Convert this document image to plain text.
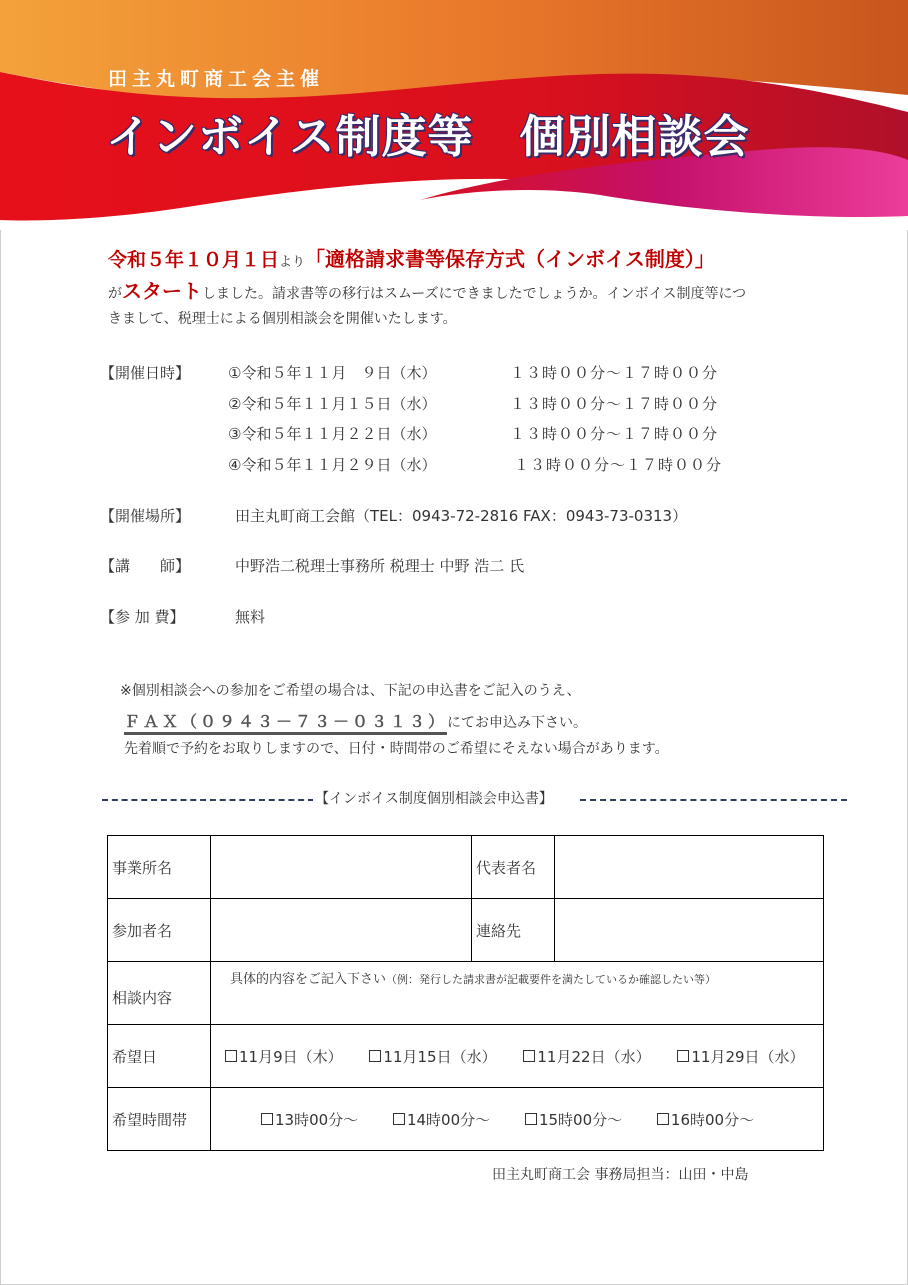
田主丸町商工会主催
インボイス制度等　個別相談会
令和５年１０月１日より「適格請求書等保存方式（インボイス制度）」
がスタートしました。請求書等の移行はスムーズにできましたでしょうか。インボイス制度等につ
きまして、税理士による個別相談会を開催いたします。
【開催日時】	①令和５年１１月　９日（木）	１３時００分～１７時００分
②令和５年１１月１５日（水）	１３時００分～１７時００分
③令和５年１１月２２日（水）	１３時００分～１７時００分
④令和５年１１月２９日（水）	１３時００分～１７時００分
【開催場所】	田主丸町商工会館（TEL：0943-72-2816 FAX：0943-73-0313）
【講　　師】	中野浩二税理士事務所 税理士 中野 浩二 氏
【参 加 費】	無料
※個別相談会への参加をご希望の場合は、下記の申込書をご記入のうえ、
ＦＡＸ（０９４３－７３－０３１３）にてお申込み下さい。
先着順で予約をお取りしますので、日付・時間帯のご希望にそえない場合があります。
【インボイス制度個別相談会申込書】
事業所名		代表者名	
参加者名		連絡先	
相談内容	具体的内容をご記入下さい（例：発行した請求書が記載要件を満たしているか確認したい等）		
希望日	11月9日（木） 11月15日（水） 11月22日（水） 11月29日（水）		
希望時間帯	13時00分～ 14時00分～ 15時00分～ 16時00分～		
田主丸町商工会 事務局担当：山田・中島
